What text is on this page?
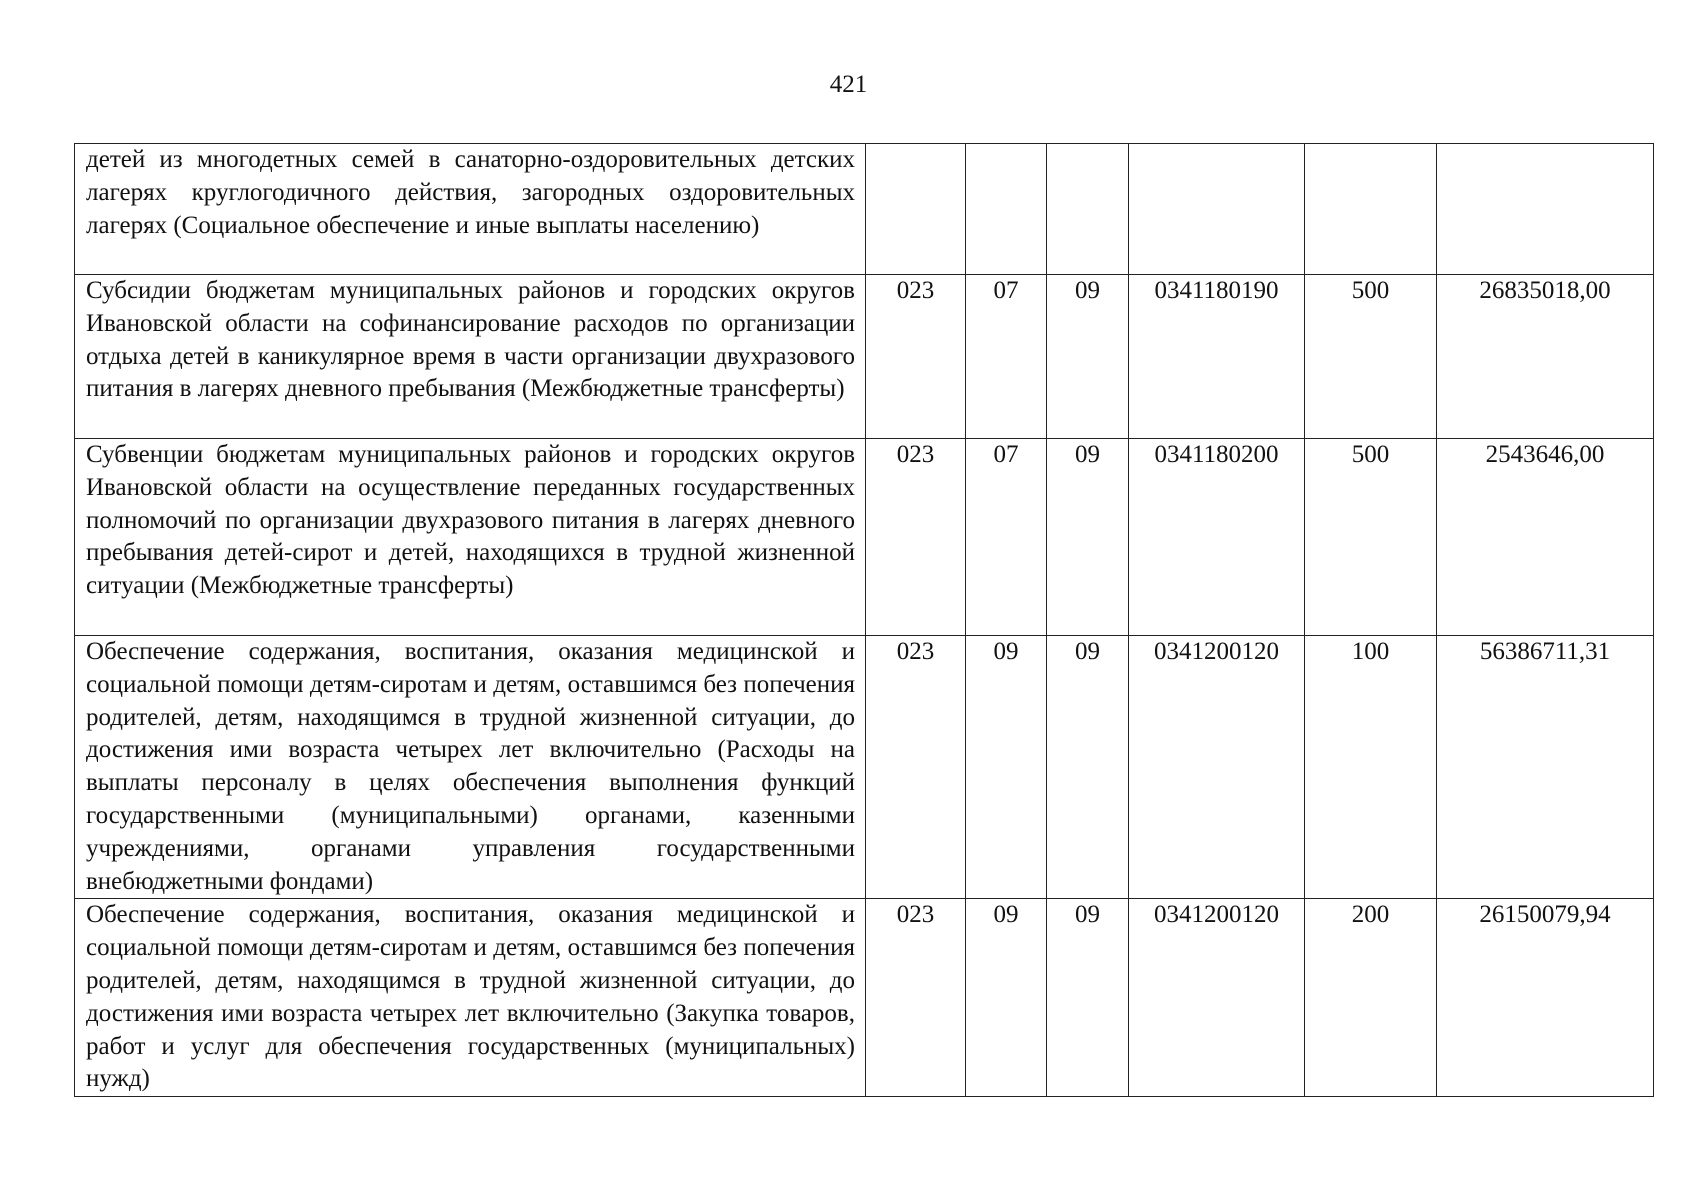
421
детей из многодетных семей в санаторно-оздоровительных детских лагерях круглогодичного действия, загородных оздоровительных лагерях (Социальное обеспечение и иные выплаты населению)						
Субсидии бюджетам муниципальных районов и городских округов Ивановской области на софинансирование расходов по организации отдыха детей в каникулярное время в части организации двухразового питания в лагерях дневного пребывания (Межбюджетные трансферты)	023	07	09	0341180190	500	26835018,00
Субвенции бюджетам муниципальных районов и городских округов Ивановской области на осуществление переданных государственных полномочий по организации двухразового питания в лагерях дневного пребывания детей-сирот и детей, находящихся в трудной жизненной ситуации (Межбюджетные трансферты)	023	07	09	0341180200	500	2543646,00
Обеспечение содержания, воспитания, оказания медицинской и социальной помощи детям-сиротам и детям, оставшимся без попечения родителей, детям, находящимся в трудной жизненной ситуации, до достижения ими возраста четырех лет включительно (Расходы на выплаты персоналу в целях обеспечения выполнения функций государственными (муниципальными) органами, казенными учреждениями, органами управления государственными внебюджетными фондами)	023	09	09	0341200120	100	56386711,31
Обеспечение содержания, воспитания, оказания медицинской и социальной помощи детям-сиротам и детям, оставшимся без попечения родителей, детям, находящимся в трудной жизненной ситуации, до достижения ими возраста четырех лет включительно (Закупка товаров, работ и услуг для обеспечения государственных (муниципальных) нужд)	023	09	09	0341200120	200	26150079,94
